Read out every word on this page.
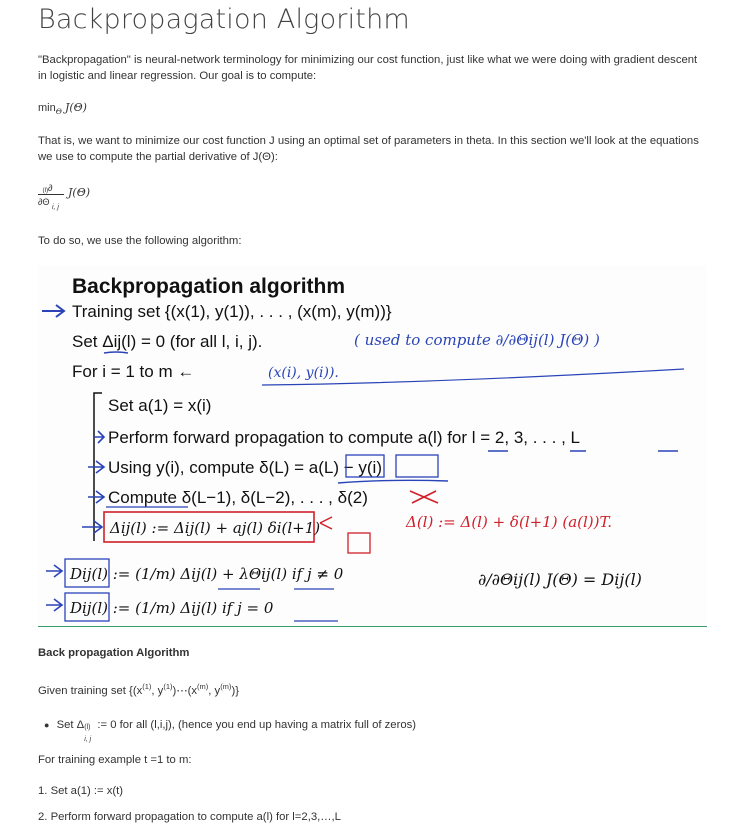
Backpropagation Algorithm

"Backpropagation" is neural-network terminology for minimizing our cost function, just like what we were doing with gradient descent in logistic and linear regression. Our goal is to compute:

$\min_\Theta J(\Theta)$

That is, we want to minimize our cost function J using an optimal set of parameters in theta. In this section we'll look at the equations we use to compute the partial derivative of J(Θ):

∂
∂Θ
(l)
$_{i, j}$
J(Θ)

To do so, we use the following algorithm:

Backpropagation algorithm
Training set {(x(1), y(1)), . . . , (x(m), y(m))}
Set Δij(l) = 0 (for all l, i, j).	( used to compute ∂/∂Θij(l) J(Θ) )
For i = 1 to m ←	(x(i), y(i)).
Set a(1) = x(i)
Perform forward propagation to compute a(l) for l = 2, 3, . . . , L
Using y(i), compute δ(L) = a(L) − y(i)
Compute δ(L−1), δ(L−2), . . . , δ(2)
Δij(l) := Δij(l) + aj(l) δi(l+1)	Δ(l) := Δ(l) + δ(l+1) (a(l))T.
Dij(l) := (1/m) Δij(l) + λΘij(l) if j ≠ 0
Dij(l) := (1/m) Δij(l) if j = 0
∂/∂Θij(l) J(Θ) = Dij(l)

Back propagation Algorithm

Given training set {($x^{(1)}$, $y^{(1)})\cdots(x^{(m)}$, $y^{(m)}$)}
● Set Δ (l)
i, j
:= 0 for all (l,i,j), (hence you end up having a matrix full of zeros)

For training example t =1 to m:

1. Set a(1) := x(t)
2. Perform forward propagation to compute a(l) for l=2,3,…,L
